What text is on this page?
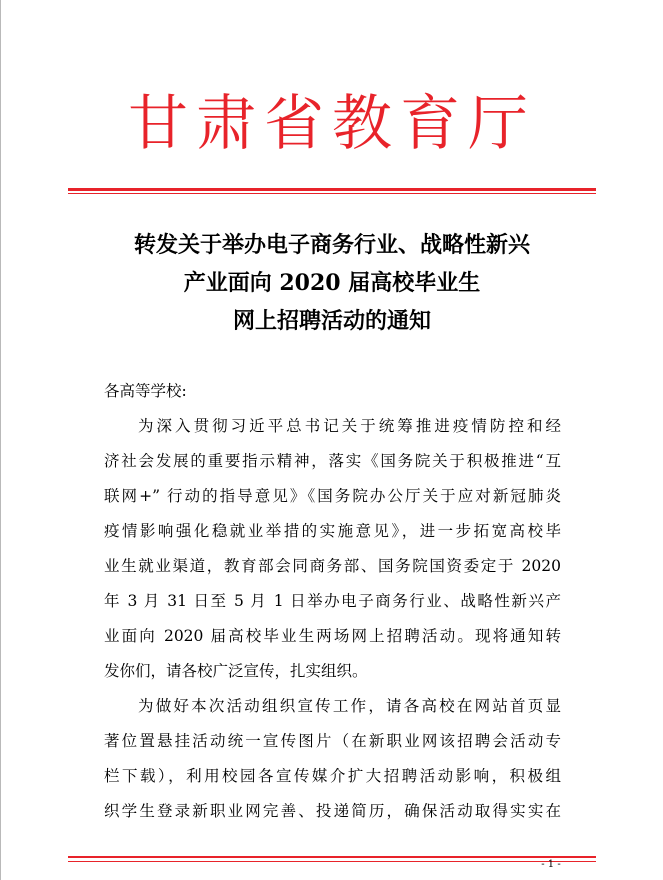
甘肃省教育厅
转发关于举办电子商务行业、战略性新兴
产业面向 2020 届高校毕业生
网上招聘活动的通知
各高等学校:
为深入贯彻习近平总书记关于统筹推进疫情防控和经
济社会发展的重要指示精神，落实《国务院关于积极推进“互
联网+” 行动的指导意见》《国务院办公厅关于应对新冠肺炎
疫情影响强化稳就业举措的实施意见》，进一步拓宽高校毕
业生就业渠道，教育部会同商务部、国务院国资委定于 2020
年 3 月 31 日至 5 月 1 日举办电子商务行业、战略性新兴产
业面向 2020 届高校毕业生两场网上招聘活动。现将通知转
发你们，请各校广泛宣传，扎实组织。
为做好本次活动组织宣传工作，请各高校在网站首页显
著位置悬挂活动统一宣传图片（在新职业网该招聘会活动专
栏下载），利用校园各宣传媒介扩大招聘活动影响，积极组
织学生登录新职业网完善、投递简历，确保活动取得实实在
- 1 -
